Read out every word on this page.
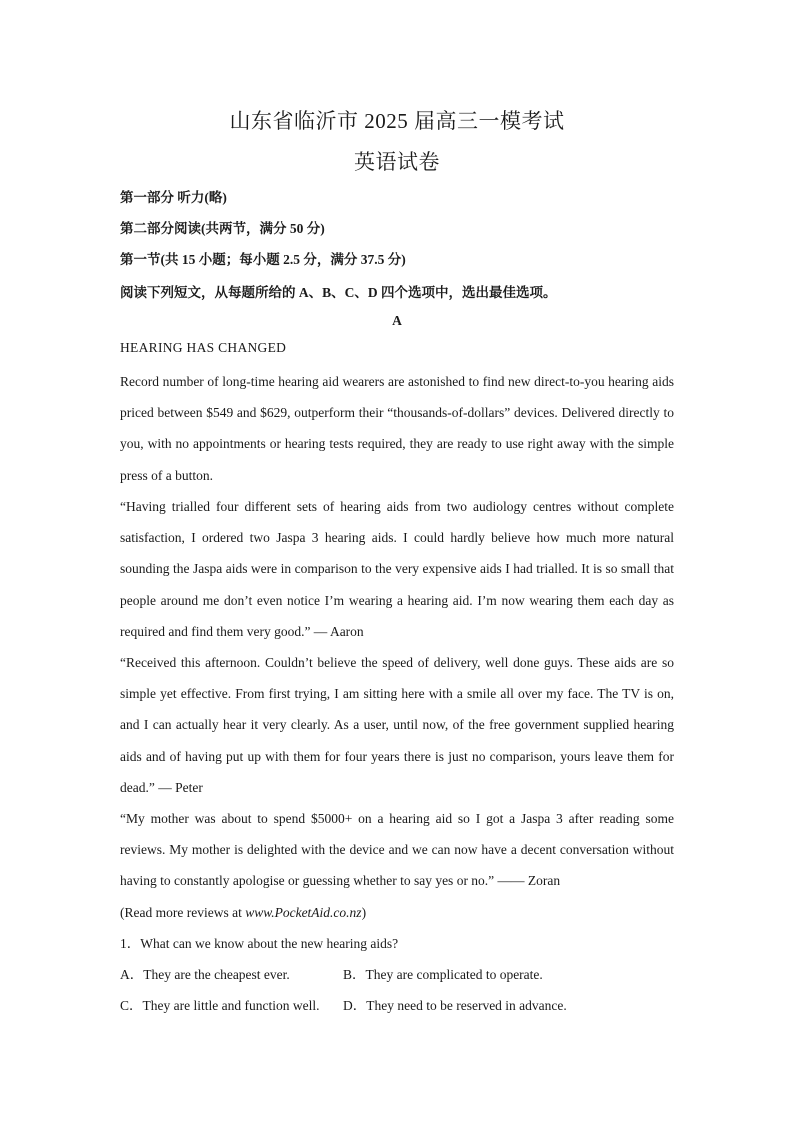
山东省临沂市 2025 届高三一模考试
英语试卷
第一部分 听力(略)
第二部分阅读(共两节，满分 50 分)
第一节(共 15 小题；每小题 2.5 分，满分 37.5 分)
阅读下列短文，从每题所给的 A、B、C、D 四个选项中，选出最佳选项。
A
HEARING HAS CHANGED

Record number of long-time hearing aid wearers are astonished to find new direct-to-you hearing aids priced between $549 and $629, outperform their “thousands-of-dollars” devices. Delivered directly to you, with no appointments or hearing tests required, they are ready to use right away with the simple press of a button.

“Having trialled four different sets of hearing aids from two audiology centres without complete satisfaction, I ordered two Jaspa 3 hearing aids. I could hardly believe how much more natural sounding the Jaspa aids were in comparison to the very expensive aids I had trialled. It is so small that people around me don’t even notice I’m wearing a hearing aid. I’m now wearing them each day as required and find them very good.” — Aaron

“Received this afternoon. Couldn’t believe the speed of delivery, well done guys. These aids are so simple yet effective. From first trying, I am sitting here with a smile all over my face. The TV is on, and I can actually hear it very clearly. As a user, until now, of the free government supplied hearing aids and of having put up with them for four years there is just no comparison, yours leave them for dead.” — Peter

“My mother was about to spend $5000+ on a hearing aid so I got a Jaspa 3 after reading some reviews. My mother is delighted with the device and we can now have a decent conversation without having to constantly apologise or guessing whether to say yes or no.” —— Zoran

(Read more reviews at www.PocketAid.co.nz)
1．What can we know about the new hearing aids?
A．They are the cheapest ever.	B．They are complicated to operate.
C．They are little and function well. D．They need to be reserved in advance.
